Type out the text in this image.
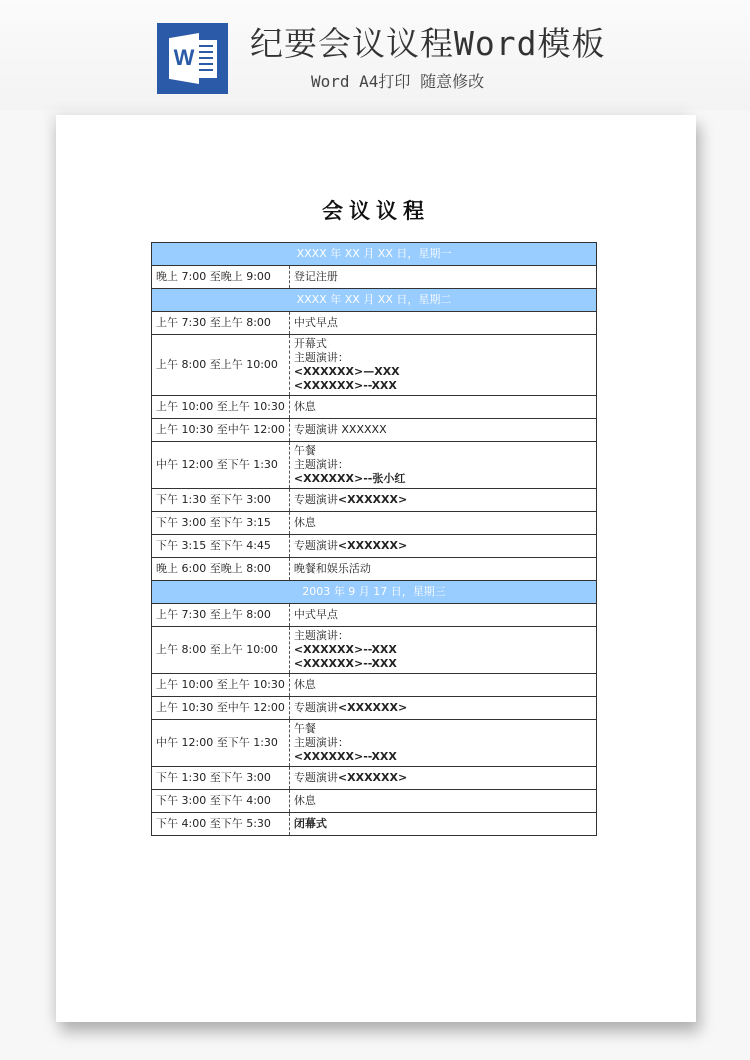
W 纪要会议议程Word模板
Word A4打印 随意修改
会议议程
XXXX 年 XX 月 XX 日，星期一	
晚上 7:00 至晚上 9:00	登记注册

XXXX 年 XX 月 XX 日，星期二	
上午 7:30 至上午 8:00	中式早点

上午 8:00 至上午 10:00	开幕式
主题演讲：
<XXXXXX>—XXX
<XXXXXX>--XXX

上午 10:00 至上午 10:30	休息

上午 10:30 至中午 12:00	专题演讲 XXXXXX

中午 12:00 至下午 1:30	午餐
主题演讲：
<XXXXXX>--张小红

下午 1:30 至下午 3:00	专题演讲<XXXXXX>

下午 3:00 至下午 3:15	休息

下午 3:15 至下午 4:45	专题演讲<XXXXXX>

晚上 6:00 至晚上 8:00	晚餐和娱乐活动

2003 年 9 月 17 日，星期三	
上午 7:30 至上午 8:00	中式早点

上午 8:00 至上午 10:00	主题演讲：
<XXXXXX>--XXX
<XXXXXX>--XXX

上午 10:00 至上午 10:30	休息

上午 10:30 至中午 12:00	专题演讲<XXXXXX>

中午 12:00 至下午 1:30	午餐
主题演讲：
<XXXXXX>--XXX

下午 1:30 至下午 3:00	专题演讲<XXXXXX>

下午 3:00 至下午 4:00	休息

下午 4:00 至下午 5:30	闭幕式
